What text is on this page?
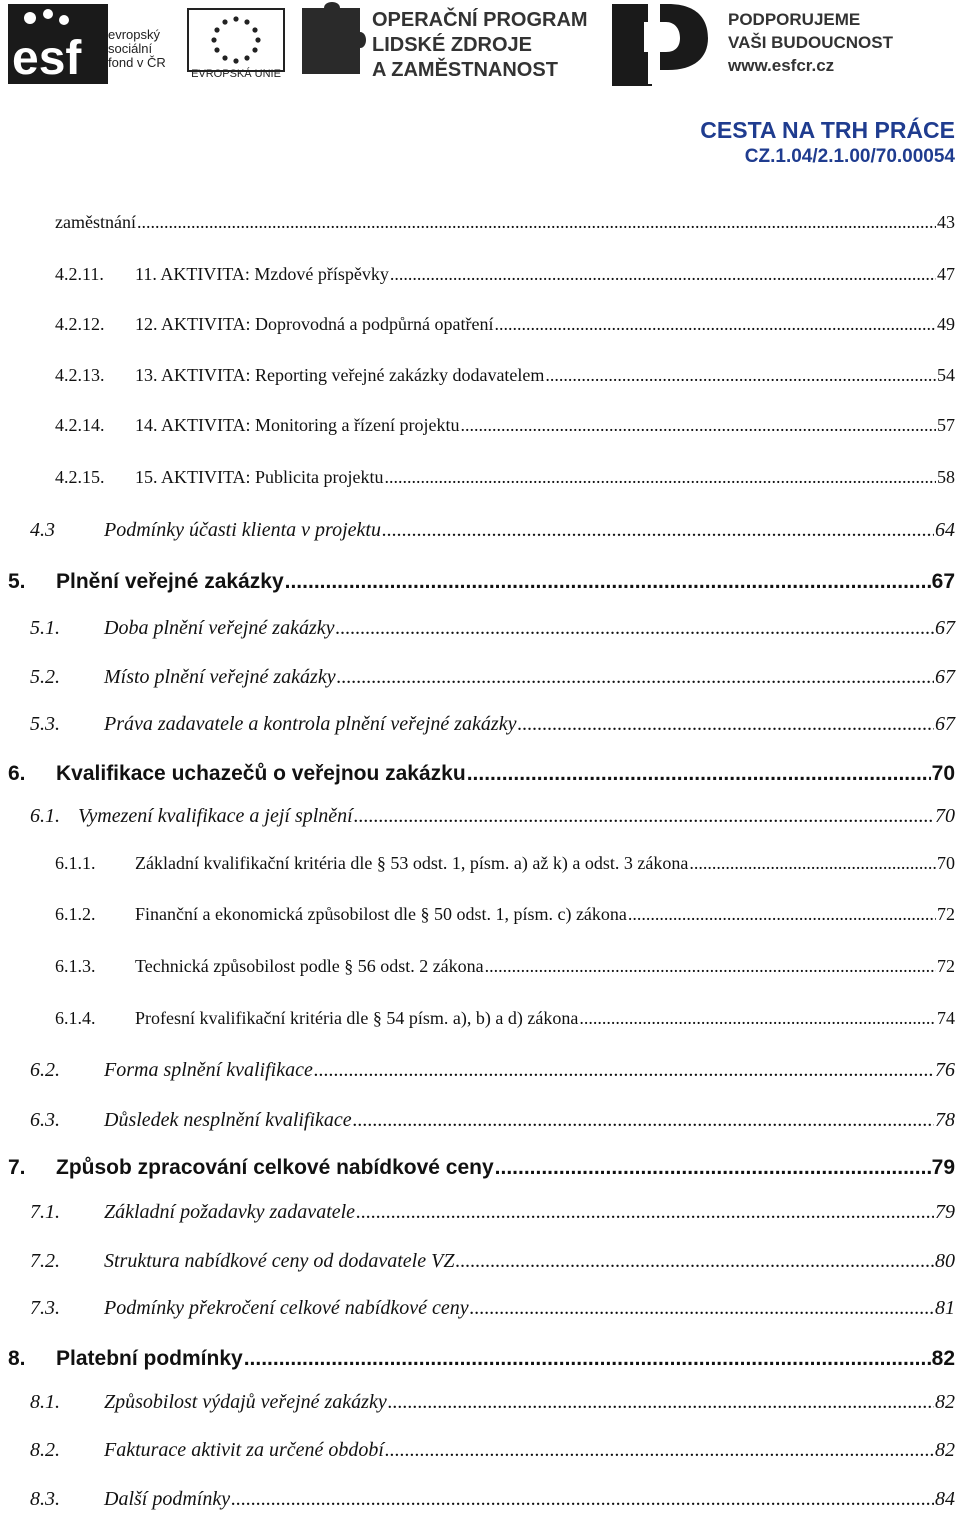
esf evropský
sociální
fond v ČR
EVROPSKÁ UNIE
OPERAČNÍ PROGRAM
LIDSKÉ ZDROJE
A ZAMĚSTNANOST
PODPORUJEME
VAŠI BUDOUCNOST
www.esfcr.cz
CESTA NA TRH PRÁCE
CZ.1.04/2.1.00/70.00054
zaměstnání .....	43
4.2.11.	11. AKTIVITA: Mzdové příspěvky .....	47
4.2.12.	12. AKTIVITA: Doprovodná a podpůrná opatření .....	49
4.2.13.	13. AKTIVITA: Reporting veřejné zakázky dodavatelem .....	54
4.2.14.	14. AKTIVITA: Monitoring a řízení projektu .....	57
4.2.15.	15. AKTIVITA: Publicita projektu .....	58
4.3	Podmínky účasti klienta v projektu .....	64
5.	Plnění veřejné zakázky .....	67
5.1.	Doba plnění veřejné zakázky .....	67
5.2.	Místo plnění veřejné zakázky .....	67
5.3.	Práva zadavatele a kontrola plnění veřejné zakázky .....	67
6.	Kvalifikace uchazečů o veřejnou zakázku .....	70
6.1. Vymezení kvalifikace a její splnění .....	70
6.1.1.	Základní kvalifikační kritéria dle § 53 odst. 1, písm. a) až k) a odst. 3 zákona .....	70
6.1.2.	Finanční a ekonomická způsobilost dle § 50 odst. 1, písm. c) zákona .....	72
6.1.3.	Technická způsobilost podle § 56 odst. 2 zákona .....	72
6.1.4.	Profesní kvalifikační kritéria dle § 54 písm. a), b) a d) zákona .....	74
6.2.	Forma splnění kvalifikace .....	76
6.3.	Důsledek nesplnění kvalifikace .....	78
7.	Způsob zpracování celkové nabídkové ceny .....	79
7.1.	Základní požadavky zadavatele .....	79
7.2.	Struktura nabídkové ceny od dodavatele VZ .....	80
7.3.	Podmínky překročení celkové nabídkové ceny .....	81
8.	Platební podmínky .....	82
8.1.	Způsobilost výdajů veřejné zakázky .....	82
8.2.	Fakturace aktivit za určené období .....	82
8.3.	Další podmínky .....	84
